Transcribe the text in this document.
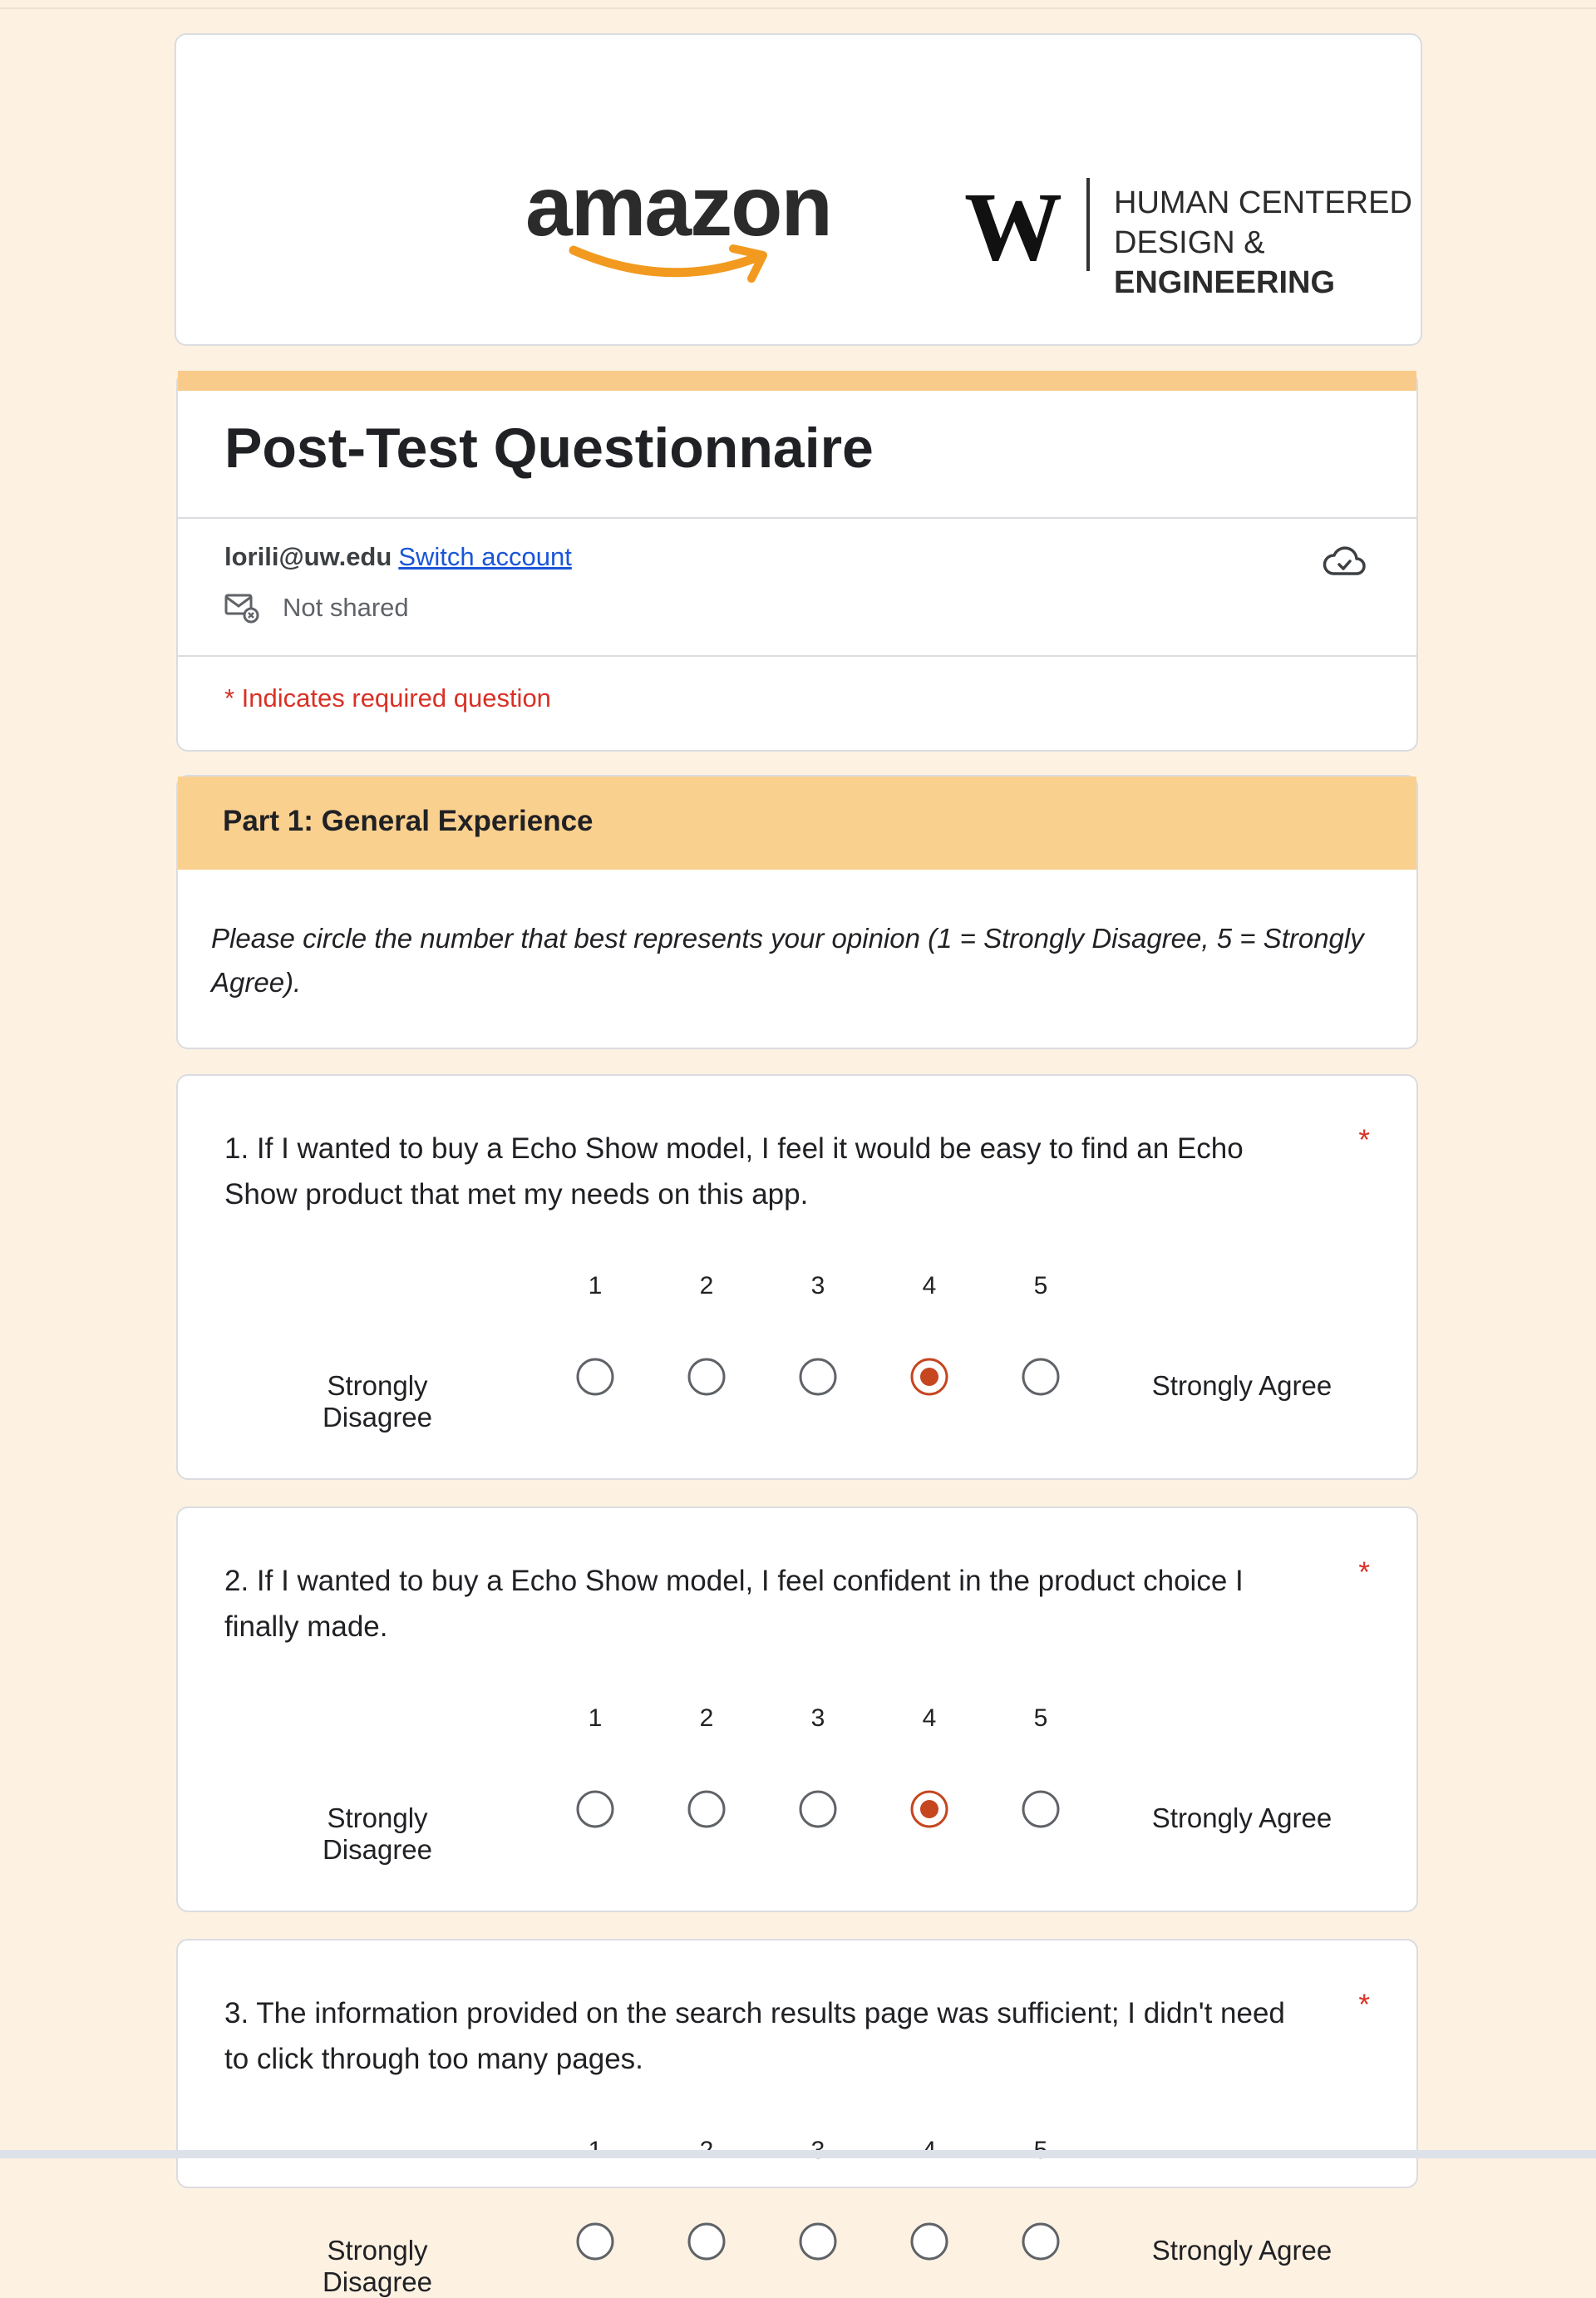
amazon W HUMAN CENTERED
DESIGN & ENGINEERING
Post-Test Questionnaire
lorili@uw.edu Switch account
Not shared
* Indicates required question
Part 1: General Experience
Please circle the number that best represents your opinion (1 = Strongly Disagree, 5 = Strongly Agree).
1. If I wanted to buy a Echo Show model, I feel it would be easy to find an Echo Show product that met my needs on this app.
*
1	2	3	4	5
Strongly Disagree
Strongly Agree
2. If I wanted to buy a Echo Show model, I feel confident in the product choice I finally made.
*
1	2	3	4	5
Strongly Disagree
Strongly Agree
3. The information provided on the search results page was sufficient; I didn't need to click through too many pages.
*
Strongly Disagree
Strongly Agree
